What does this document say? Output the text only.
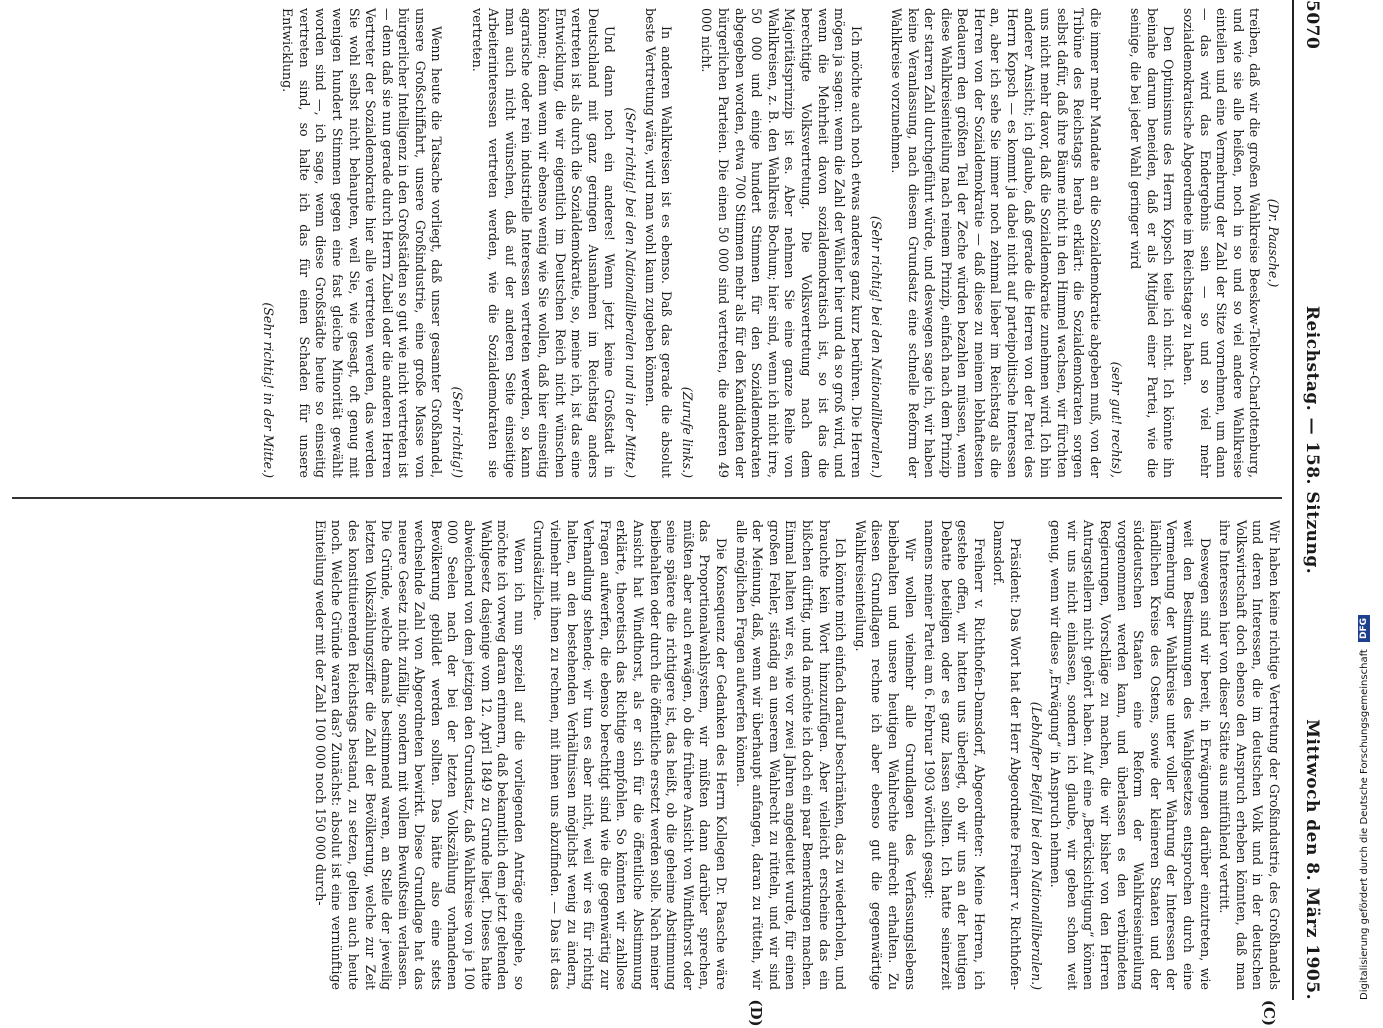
5070
Reichstag. — 158. Sitzung.
Mittwoch den 8. März 1905.
(C)
(D)

(Dr. Paasche.)

treiben, daß wir die großen Wahlkreise Beeskow-Teltow-Charlottenburg, und wie sie alle heißen, noch in so und so viel andere Wahlkreise einteilen und eine Vermehrung der Zahl der Sitze vornehmen, um dann — das wird das Endergebnis sein — so und so viel mehr sozialdemokratische Abgeordnete im Reichstage zu haben.

Den Optimismus des Herrn Kopsch teile ich nicht. Ich könnte ihn beinahe darum beneiden, daß er als Mitglied einer Partei, wie die seinige, die bei jeder Wahl geringer wird

(sehr gut! rechts),

die immer mehr Mandate an die Sozialdemokratie abgeben muß, von der Tribüne des Reichstags herab erklärt: die Sozialdemokraten sorgen selbst dafür, daß ihre Bäume nicht in den Himmel wachsen, wir fürchten uns nicht mehr davor, daß die Sozialdemokratie zunehmen wird. Ich bin anderer Ansicht; ich glaube, daß gerade die Herren von der Partei des Herrn Kopsch — es kommt ja dabei nicht auf parteipolitische Interessen an, aber ich sehe Sie immer noch zehnmal lieber im Reichstag als die Herren von der Sozialdemokratie — daß diese zu meinem lebhaftesten Bedauern den größten Teil der Zeche würden bezahlen müssen, wenn diese Wahlkreiseinteilung nach reinem Prinzip, einfach nach dem Prinzip der starren Zahl durchgeführt würde, und deswegen sage ich, wir haben keine Veranlassung, nach diesem Grundsatz eine schnelle Reform der Wahlkreise vorzunehmen.

(Sehr richtig! bei den Nationalliberalen.)

Ich möchte auch noch etwas anderes ganz kurz berühren. Die Herren mögen ja sagen: wenn die Zahl der Wähler hier und da so groß wird, und wenn die Mehrheit davon sozialdemokratisch ist, so ist das die berechtigte Volksvertretung. Die Volksvertretung nach dem Majoritätsprinzip ist es. Aber nehmen Sie eine ganze Reihe von Wahlkreisen, z. B. den Wahlkreis Bochum; hier sind, wenn ich nicht irre, 50 000 und einige hundert Stimmen für den Sozialdemokraten abgegeben worden, etwa 700 Stimmen mehr als für den Kandidaten der bürgerlichen Parteien. Die einen 50 000 sind vertreten, die anderen 49 000 nicht.

(Zurufe links.)

In anderen Wahlkreisen ist es ebenso. Daß das gerade die absolut beste Vertretung wäre, wird man wohl kaum zugeben können.

(Sehr richtig! bei den Nationalliberalen und in der Mitte.)

Und dann noch ein anderes! Wenn jetzt keine Großstadt in Deutschland mit ganz geringen Ausnahmen im Reichstag anders vertreten ist als durch die Sozialdemokratie, so, meine ich, ist das eine Entwicklung, die wir eigentlich im Deutschen Reich nicht wünschen können; denn wenn wir ebenso wenig wie Sie wollen, daß hier einseitig agrarische oder rein industrielle Interessen vertreten werden, so kann man auch nicht wünschen, daß auf der anderen Seite einseitige Arbeiterinteressen vertreten werden, wie die Sozialdemokraten sie vertreten.

(Sehr richtig!)

Wenn heute die Tatsache vorliegt, daß unser gesamter Großhandel, unsere Großschiffahrt, unsere Großindustrie, eine große Masse von bürgerlicher Intelligenz in den Großstädten so gut wie nicht vertreten ist — denn daß sie nun gerade durch Herrn Zubeil oder die anderen Herren Vertreter der Sozialdemokratie hier alle vertreten werden, das werden Sie wohl selbst nicht behaupten, weil Sie, wie gesagt, oft genug mit wenigen hundert Stimmen gegen eine fast gleiche Minorität gewählt worden sind —, ich sage, wenn diese Großstädte heute so einseitig vertreten sind, so halte ich das für einen Schaden für unsere Entwicklung.

(Sehr richtig! in der Mitte.)

Wir haben keine richtige Vertretung der Großindustrie, des Großhandels und deren Interessen, die im deutschen Volk und in der deutschen Volkswirtschaft doch ebenso den Anspruch erheben könnten, daß man ihre Interessen hier von dieser Stätte aus mitfühlend vertritt.

Deswegen sind wir bereit, in Erwägungen darüber einzutreten, wie weit den Bestimmungen des Wahlgesetzes entsprochen durch eine Vermehrung der Wahlkreise unter voller Wahrung der Interessen der ländlichen Kreise des Ostens, sowie der kleineren Staaten und der süddeutschen Staaten eine Reform der Wahlkreiseinteilung vorgenommen werden kann, und überlassen es den verbündeten Regierungen, Vorschläge zu machen, die wir bisher von den Herren Antragstellern nicht gehört haben. Auf eine „Berücksichtigung“ können wir uns nicht einlassen, sondern ich glaube, wir geben schon weit genug, wenn wir diese „Erwägung“ in Anspruch nehmen.

(Lebhafter Beifall bei den Nationalliberalen.)

Präsident: Das Wort hat der Herr Abgeordnete Freiherr v. Richthofen-Damsdorf.

Freiherr v. Richthofen-Damsdorf, Abgeordneter: Meine Herren, ich gestehe offen, wir hatten uns überlegt, ob wir uns an der heutigen Debatte beteiligen oder es ganz lassen sollten. Ich hatte seinerzeit namens meiner Partei am 6. Februar 1903 wörtlich gesagt:

Wir wollen vielmehr alle Grundlagen des Verfassungslebens beibehalten und unsere heutigen Wahlrechte aufrecht erhalten. Zu diesen Grundlagen rechne ich aber ebenso gut die gegenwärtige Wahlkreiseinteilung.

Ich könnte mich einfach darauf beschränken, das zu wiederholen, und brauchte kein Wort hinzuzufügen. Aber vielleicht erscheine das ein bißchen dürftig, und da möchte ich doch ein paar Bemerkungen machen. Einmal halten wir es, wie vor zwei Jahren angedeutet wurde, für einen großen Fehler, ständig an unserem Wahlrecht zu rütteln, und wir sind der Meinung, daß, wenn wir überhaupt anfangen, daran zu rütteln, wir alle möglichen Fragen aufwerfen können.

Die Konsequenz der Gedanken des Herrn Kollegen Dr. Paasche wäre das Proportionalwahlsystem, wir müßten dann darüber sprechen, müßten aber auch erwägen, ob die frühere Ansicht von Windthorst oder seine spätere die richtigere ist, das heißt, ob die geheime Abstimmung beibehalten oder durch die öffentliche ersetzt werden solle. Nach meiner Ansicht hat Windthorst, als er sich für die öffentliche Abstimmung erklärte, theoretisch das Richtige empfohlen. So könnten wir zahllose Fragen aufwerfen, die ebenso berechtigt sind wie die gegenwärtig zur Verhandlung stehende; wir tun es aber nicht, weil wir es für richtig halten, an den bestehenden Verhältnissen möglichst wenig zu ändern, vielmehr mit ihnen zu rechnen, mit ihnen uns abzufinden. — Das ist das Grundsätzliche.

Wenn ich nun speziell auf die vorliegenden Anträge eingehe, so möchte ich vorweg daran erinnern, daß bekanntlich dem jetzt geltenden Wahlgesetz dasjenige vom 12. April 1849 zu Grunde liegt. Dieses hatte abweichend von dem jetzigen den Grundsatz, daß Wahlkreise von je 100 000 Seelen nach der bei der letzten Volkszählung vorhandenen Bevölkerung gebildet werden sollten. Das hätte also eine stets wechselnde Zahl von Abgeordneten bewirkt. Diese Grundlage hat das neuere Gesetz nicht zufällig, sondern mit vollem Bewußtsein verlassen. Die Gründe, welche damals bestimmend waren, an Stelle der jeweilig letzten Volkszählungsziffer die Zahl der Bevölkerung, welche zur Zeit des konstituierenden Reichstags bestand, zu setzen, gelten auch heute noch. Welche Gründe waren das? Zunächst: absolut ist eine vernünftige Einteilung weder mit der Zahl 100 000 noch 150 000 durch-	Digitalisierung gefördert durch die Deutsche Forschungsgemeinschaft DFG
